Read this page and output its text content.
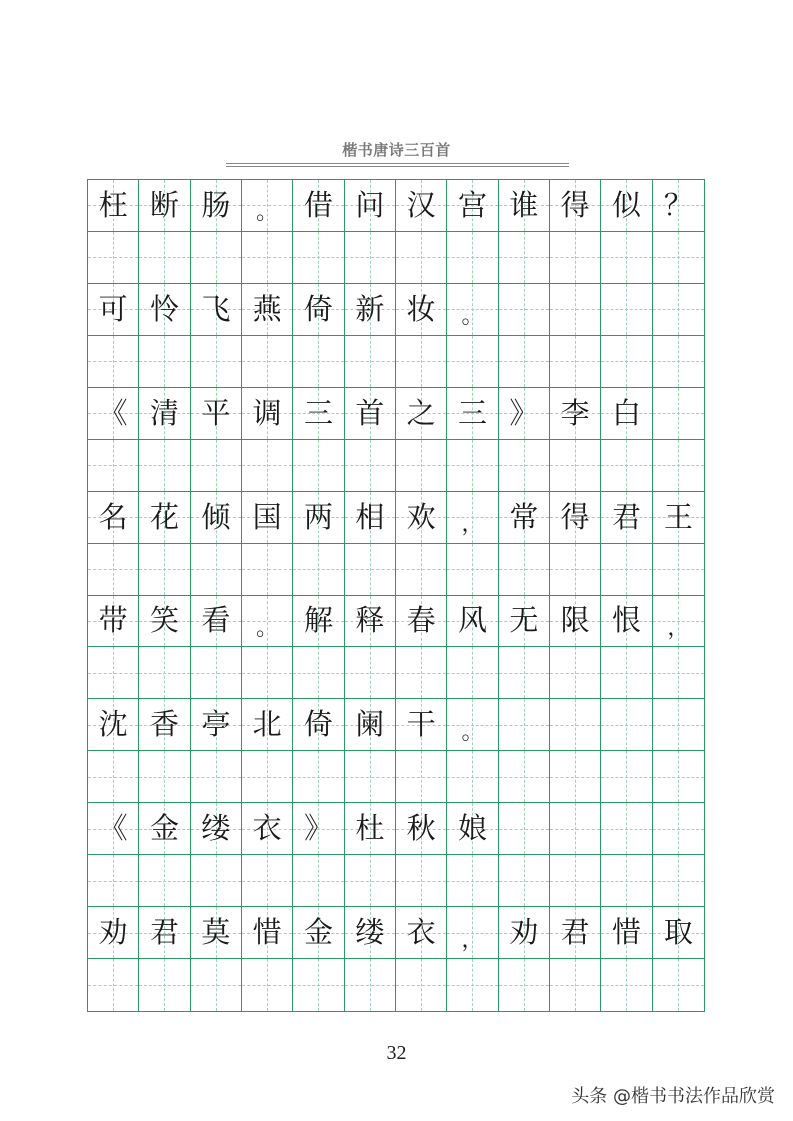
楷书唐诗三百首
枉 断 肠 。 借 问 汉 宫 谁 得 似 ？
可 怜 飞 燕 倚 新 妆 。
《 清 平 调 三 首 之 三 》 李 白
名 花 倾 国 两 相 欢 ， 常 得 君 王
带 笑 看 。 解 释 春 风 无 限 恨 ，
沈 香 亭 北 倚 阑 干 。
《 金 缕 衣 》 杜 秋 娘
劝 君 莫 惜 金 缕 衣 ， 劝 君 惜 取
32
头条 @楷书书法作品欣赏
